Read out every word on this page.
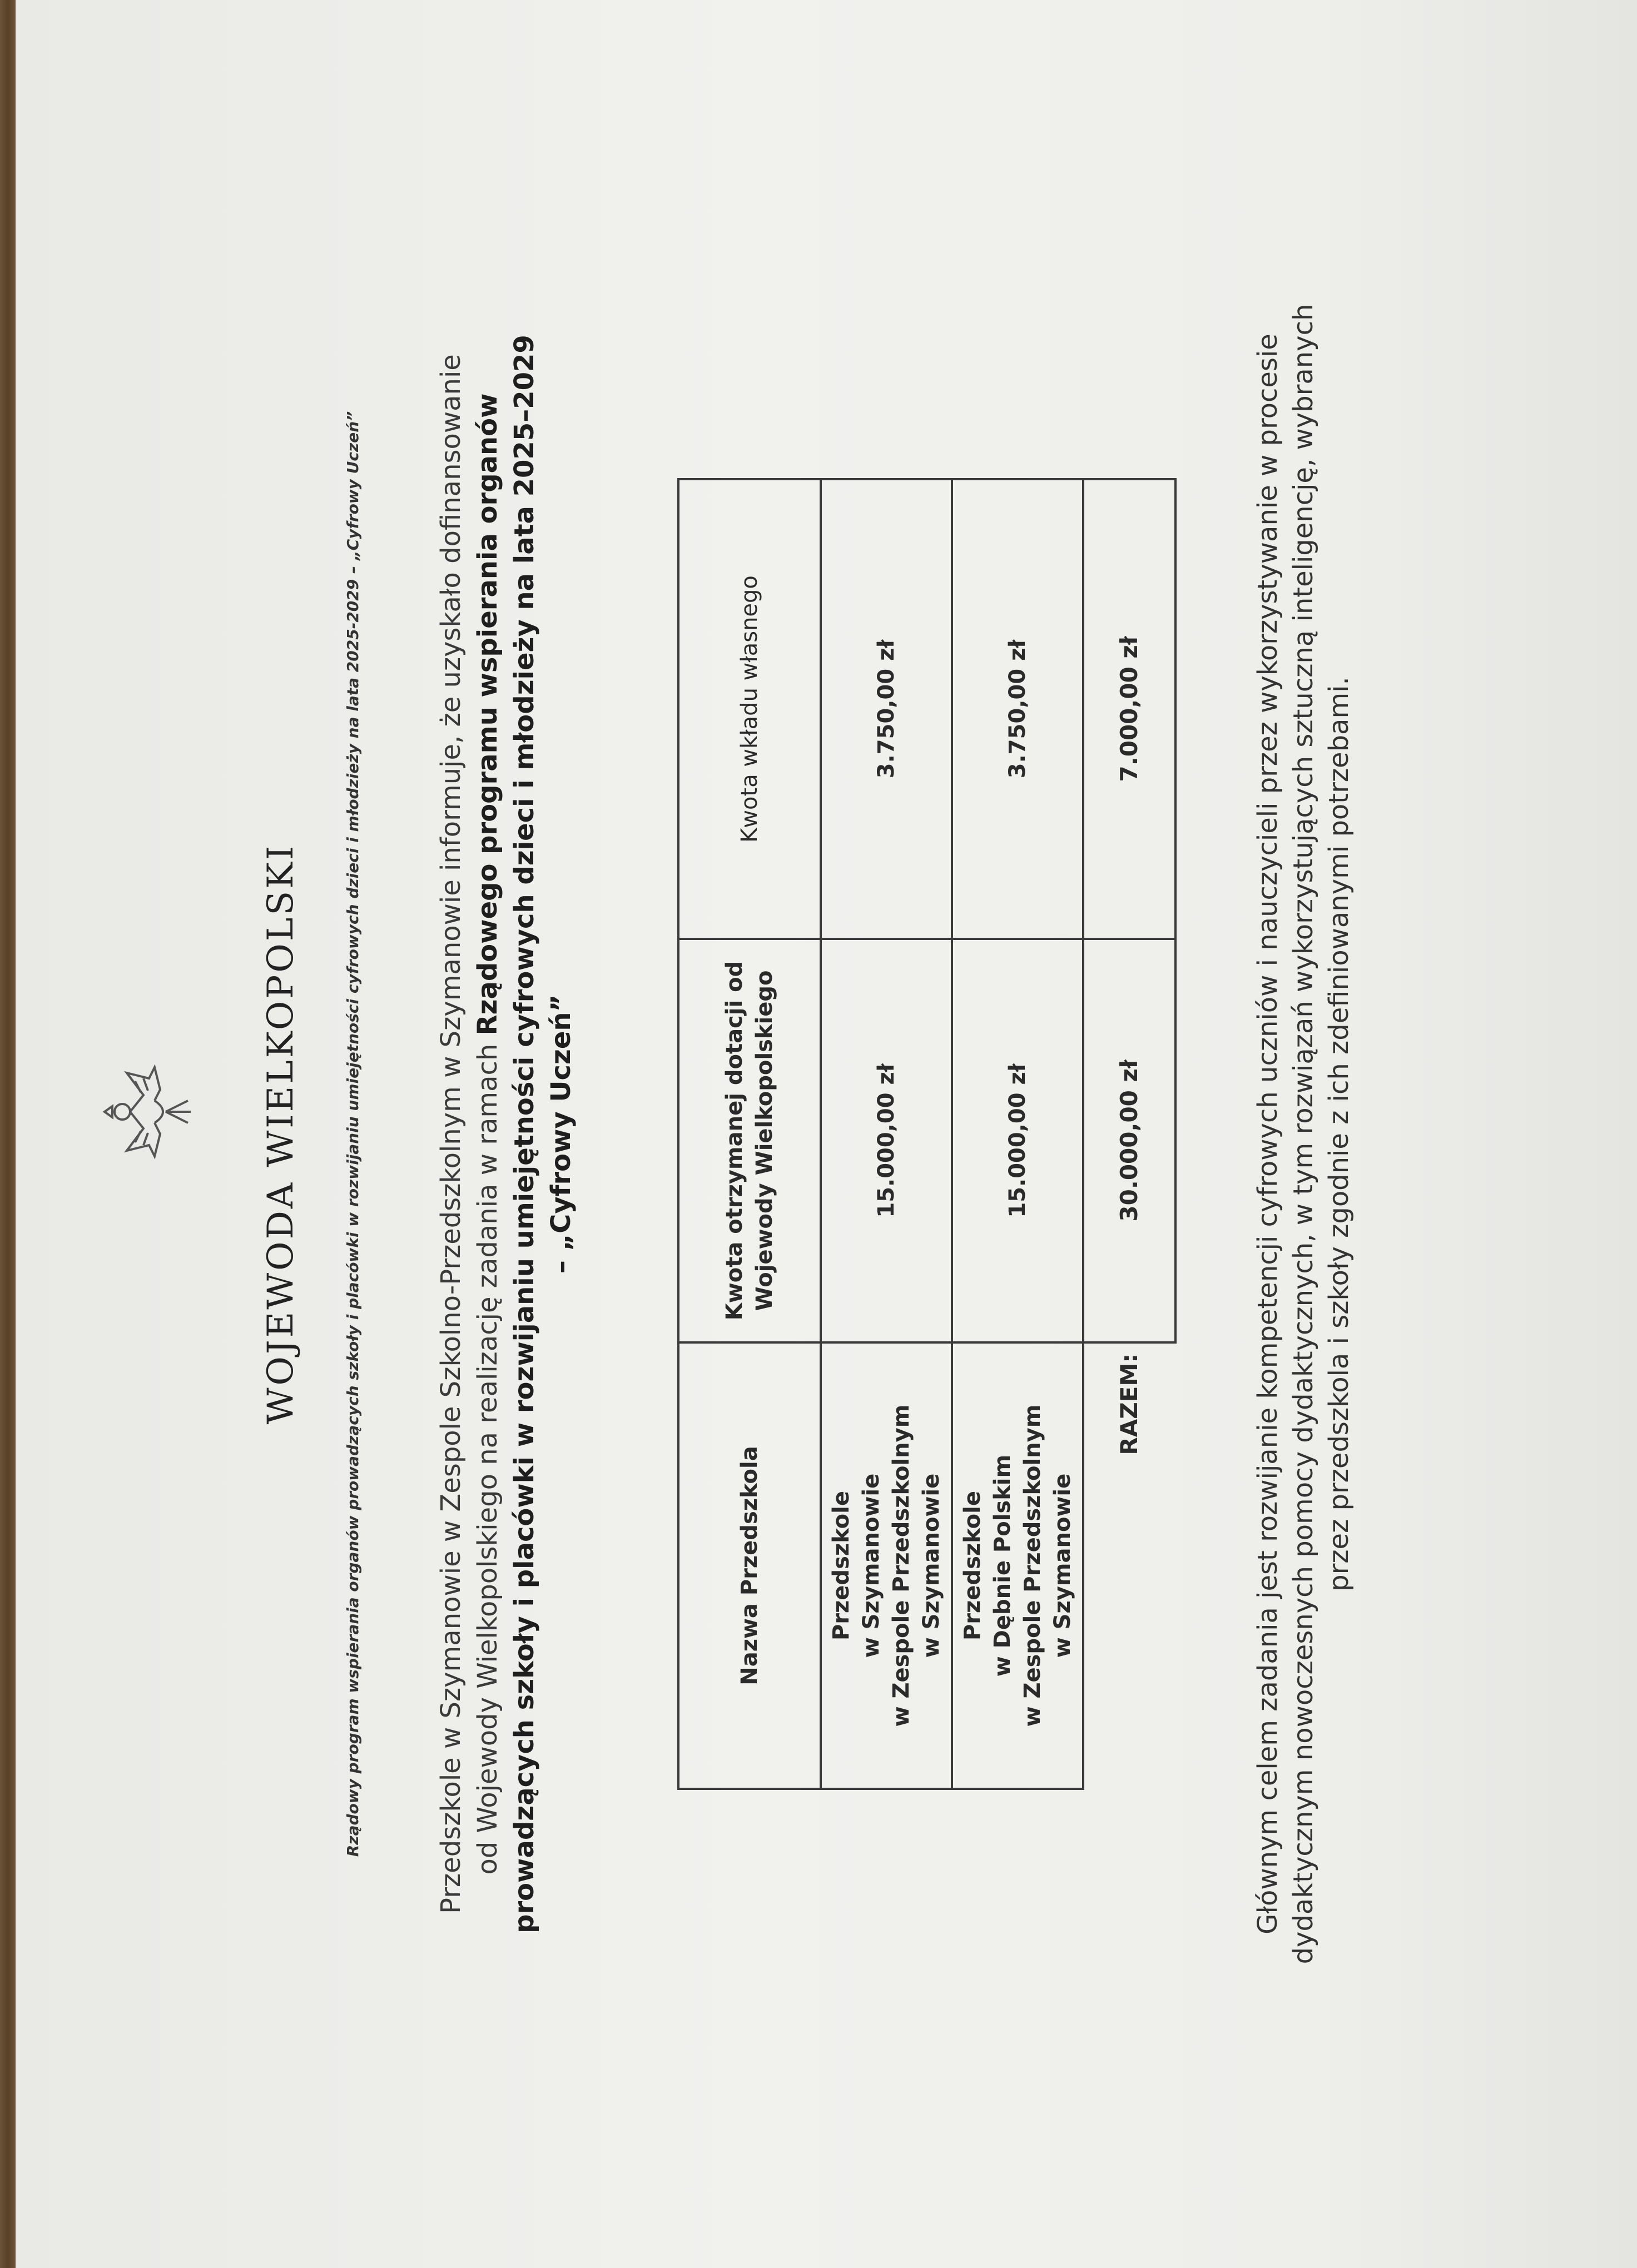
WOJEWODA WIELKOPOLSKI	Rządowy program wspierania organów prowadzących szkoły i placówki w rozwijaniu umiejętności cyfrowych dzieci i młodzieży na lata 2025-2029 – „Cyfrowy Uczeń”	Przedszkole w Szymanowie w Zespole Szkolno-Przedszkolnym w Szymanowie informuje, że uzyskało dofinansowanie od Wojewody Wielkopolskiego na realizację zadania w ramach Rządowego programu wspierania organów prowadzących szkoły i placówki w rozwijaniu umiejętności cyfrowych dzieci i młodzieży na lata 2025–2029 – „Cyfrowy Uczeń”
Nazwa Przedszkola	Kwota otrzymanej dotacji od Wojewody Wielkopolskiego	Kwota wkładu własnego

Przedszkole w Szymanowie w Zespole Przedszkolnym w Szymanowie	15.000,00 zł	3.750,00 zł

Przedszkole w Dębnie Polskim w Zespole Przedszkolnym w Szymanowie	15.000,00 zł	3.750,00 zł
RAZEM:	30.000,00 zł	7.000,00 zł	Głównym celem zadania jest rozwijanie kompetencji cyfrowych uczniów i nauczycieli przez wykorzystywanie w procesie dydaktycznym nowoczesnych pomocy dydaktycznych, w tym rozwiązań wykorzystujących sztuczną inteligencję, wybranych przez przedszkola i szkoły zgodnie z ich zdefiniowanymi potrzebami.
